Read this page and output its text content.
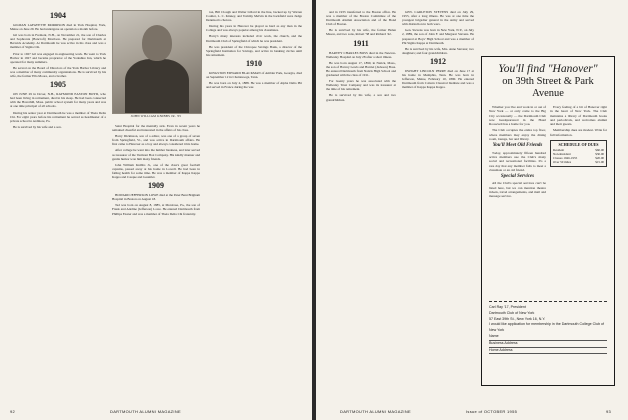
1904

GILMAN LAFAYETTE MORRISON died in York Hospital, York, Maine on June 29. He had undergone an operation a month before.

Gil was born in Fremont, N.H., on November 21, the son of Charles and Sophronia (Bancroft) Morrison. He prepared for Dartmouth at Berwick Academy. At Dartmouth he was active in his class and was a member of Sigma Chi.

Prior to 1927 Gil was engaged in engineering work. He went to York Harbor in 1927 and became proprietor of the Yorkshire Inn, which he operated for many summers.

He served on the Board of Directors of the York Harbor Library and was a member of many community organizations. He is survived by his wife, the former Ella Moore, and a brother.

1905

ON JUNE 29 in Dover, N.H., RAYMOND EASTON BOYD, who had been living in retirement, died in his sleep. He had been connected with the Haverhill, Mass. public school system for many years and was at one time principal of all schools.

During his senior year at Dartmouth he was a member of Theta Delta Chi. For eight years before his retirement he served as headmaster of a private school in Ardmore, Pa.

He is survived by his wife and a son.

JOHN WILLIAM KNIBBS JR. '05

Saint Hospital for the mentally sick. Even in recent years he remained cheerful and interested in the affairs of his class.

Harry Dickinson, son of a editor, was one of a group of seven from Springfield, Vt., and was active in Dartmouth affairs. He first came to Hanover as a boy and always considered it his home.

After college he went into the lumber business, and later served as treasurer of the Vermont Box Company. His kindly manner and gentle humor won him many friends.

John William Knibbs Jr., one of the class's great football captains, passed away at his home in Lowell. He had been in failing health for some time. He was a member of Kappa Kappa Kappa and Casque and Gauntlet.

1909

HOWARD JEFFERSON LOWE died at the Peter Bent Brigham Hospital in Boston on August 18.

Ted was born on August 8, 1885, at Montrose, Pa., the son of Frank and Adeline (Jefferson) Lowe. He entered Dartmouth from Phillips Exeter and was a member of Theta Delta Chi fraternity.

ton, Bill Clough and Walter Lillard in the line, backed up by Warren Coulter, L. C. Kinney, and Tommy Melvin in the backfield were Judge Dennison's choices.

During his years in Hanover he played as hard as any man in the College and was always popular among his classmates.

Harry's many interests included civic work, the church, and the Dartmouth Club of Springfield of which he was president.

He was president of the Chicopee Savings Bank, a director of the Springfield Institution for Savings, and active in banking circles until his retirement.

1910

KINGSTON EDWARD BLACKMAN of Ambler Park, Georgia, died on September 12 in Chattanooga, Tenn.

He was born on July 4, 1888. He was a member of Alpha Delta Phi and served in France during the war.

92	DARTMOUTH ALUMNI MAGAZINE

and in 1933 transferred to the Boston office. He was a member of the Boston Committee of the Dartmouth Alumni Association and of the Bond Club of Boston.

He is survived by his wife, the former Helen Mason, and two sons, Robert '38 and Richard '42.

1911

HARVEY CHARLES BOSS died in the Newton-Wellesley Hospital on July 28 after a short illness.

He was born August 17, 1890, in Natick, Mass., the son of Harvey Lewis and Harriet (Jackson) Boss. He entered Dartmouth from Natick High School and graduated with the class of 1911.

For twenty years he was associated with the Wellesley Trust Company and was its treasurer at the time of his retirement.

He is survived by his wife, a son and two grandchildren.

GEN. CARLETON STEVENS died on July 29, 1955, after a long illness. He was at one time the youngest brigadier general in the Army and served with distinction in both wars.

Gen. Stevens was born in New York, N.Y., on July 2, 1889, the son of John F. and Margaret Stevens. He prepared at Boys' High School and was a member of Phi Sigma Kappa at Dartmouth.

He is survived by his wife, Mrs. Anne Stevens; two daughters; and four grandchildren.

1912

DWIGHT LINCOLN PERRY died on June 17 at his home in Memphis, Tenn. He was born in Jefferson, Maine, February 10, 1890. He entered Dartmouth from Coburn Classical Institute and was a member of Kappa Kappa Kappa.

You'll find "Hanover"
on 39th Street & Park Avenue

Whether you live and work in or out of New York — or only come to the Big City occasionally — the Dartmouth Club now headquartered in the Hotel Roosevelt has a home for you.

The Club occupies the entire top floor, where members may enjoy the dining room, lounge, bar and library.

You'll Meet Old Friends

Today, approximately fifteen hundred active members use the Club's many social and recreational facilities. It's a rare day that any member fails to meet a classmate or an old friend.

Special Services

All the Club's special services can't be listed here, but we can mention theatre tickets, travel arrangements, and mail and message service.

Every feeling of a bit of Hanover right in the heart of New York. The Club maintains a library of Dartmouth books and periodicals, and welcomes alumni and their guests.

Membership dues are modest. Write for full information.

SCHEDULE OF DUES
Resident	$60.00
Non-Resident	$30.00
Classes 1946-1955	$20.00
Over 50 miles	$15.00
Carl Ray '17, President
Dartmouth Club of New York
57 East 39th St., New York 16, N.Y.
I would like application for membership in the Dartmouth College Club of New York
Name
Business Address
Home Address
DARTMOUTH ALUMNI MAGAZINE	Issue of OCTOBER 1955	93
